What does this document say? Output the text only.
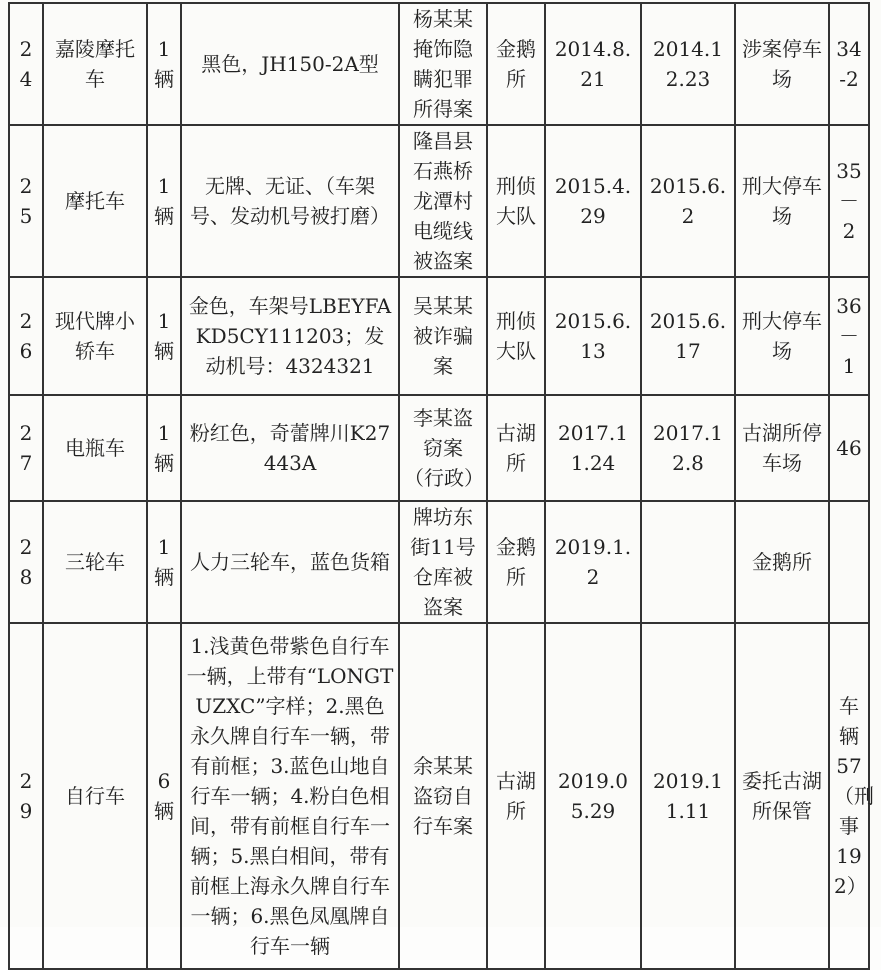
24	嘉陵摩托车	1辆	黑色，JH150-2A型	杨某某掩饰隐瞒犯罪所得案	金鹅所	2014.8.21	2014.12.23	涉案停车场	34-2
25	摩托车	1辆	无牌、无证、（车架号、发动机号被打磨）	隆昌县石燕桥龙潭村电缆线被盗案	刑侦大队	2015.4.29	2015.6.2	刑大停车场	35－2
26	现代牌小轿车	1辆	金色，车架号LBEYFAKD5CY111203；发动机号：4324321	吴某某被诈骗案	刑侦大队	2015.6.13	2015.6.17	刑大停车场	36－1
27	电瓶车	1辆	粉红色，奇蕾牌川K27443A	李某盗窃案（行政）	古湖所	2017.11.24	2017.12.8	古湖所停车场	46
28	三轮车	1辆	人力三轮车，蓝色货箱	牌坊东街11号仓库被盗案	金鹅所	2019.1.2		金鹅所	
29	自行车	6辆	1.浅黄色带紫色自行车一辆，上带有“LONGTUZXC”字样；2.黑色永久牌自行车一辆，带有前框；3.蓝色山地自行车一辆；4.粉白色相间，带有前框自行车一辆；5.黑白相间，带有前框上海永久牌自行车一辆；6.黑色凤凰牌自行车一辆	余某某盗窃自行车案	古湖所	2019.05.29	2019.11.11	委托古湖所保管	车辆57（刑事192）
